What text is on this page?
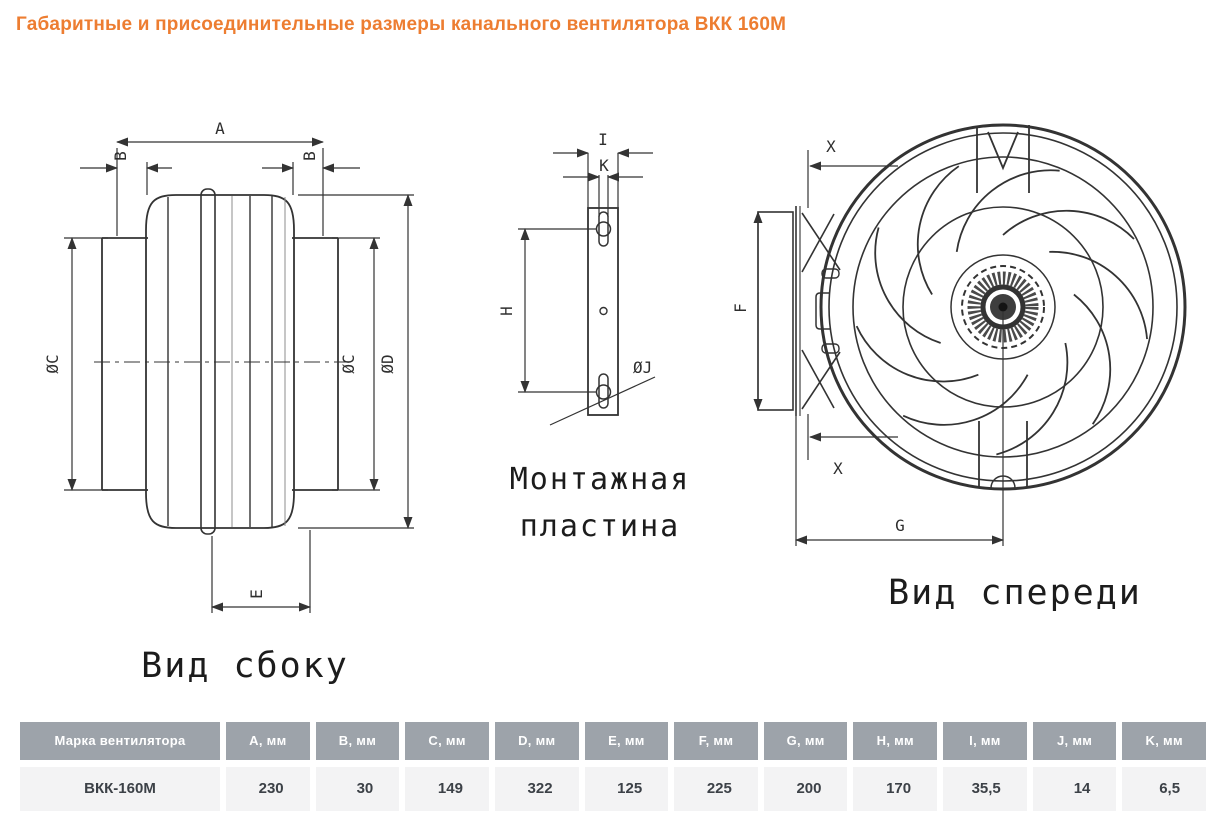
Габаритные и присоединительные размеры канального вентилятора ВКК 160М
A
B	B
ØC	ØC ØD
E
I
K
H
ØJ
X
X
F
G
Вид сбоку
Монтажная
пластина
Вид спереди
Марка вентилятора	A, мм	B, мм	C, мм	D, мм	E, мм	F, мм	G, мм	H, мм	I, мм	J, мм	K, мм
ВКК-160М	230	30	149	322	125	225	200	170	35,5	14	6,5
